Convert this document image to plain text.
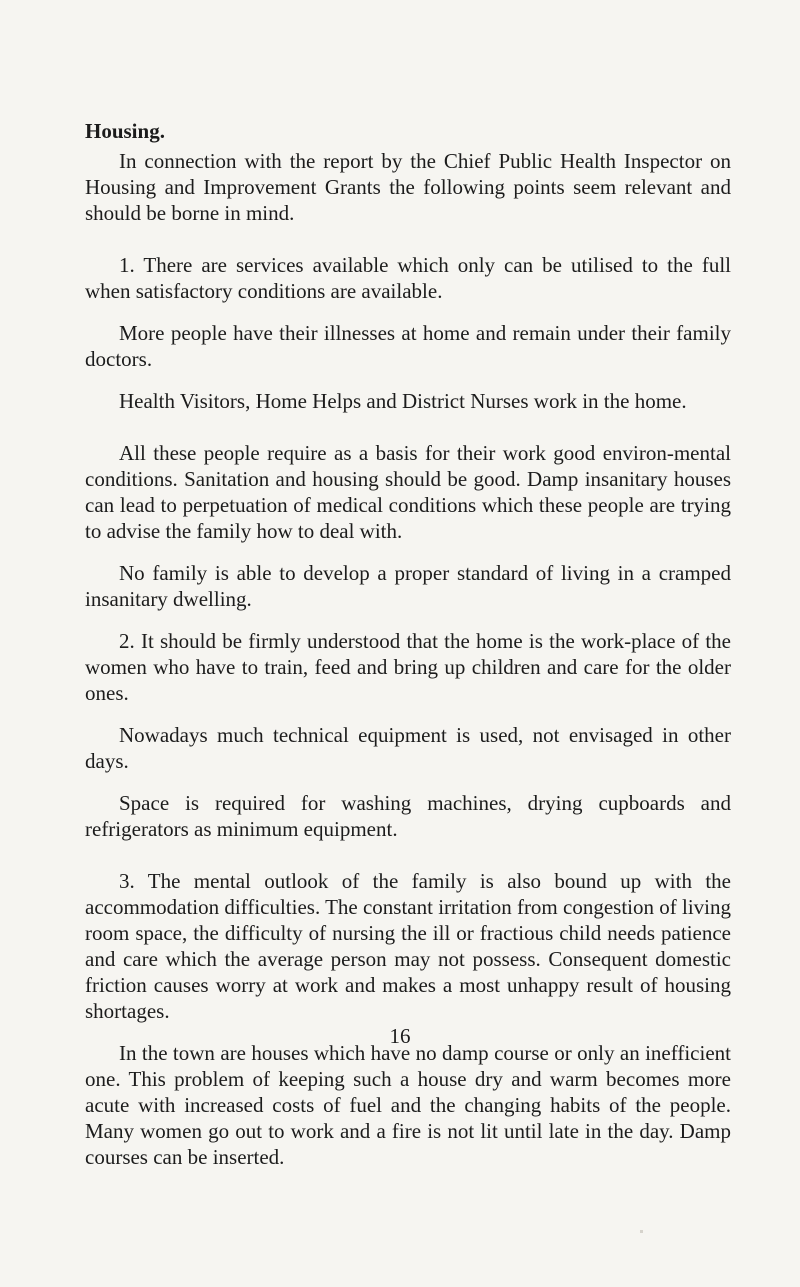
Housing.

In connection with the report by the Chief Public Health Inspector on Housing and Improvement Grants the following points seem relevant and should be borne in mind.

1. There are services available which only can be utilised to the full when satisfactory conditions are available.

More people have their illnesses at home and remain under their family doctors.

Health Visitors, Home Helps and District Nurses work in the home.

All these people require as a basis for their work good environ-mental conditions. Sanitation and housing should be good. Damp insanitary houses can lead to perpetuation of medical conditions which these people are trying to advise the family how to deal with.

No family is able to develop a proper standard of living in a cramped insanitary dwelling.

2. It should be firmly understood that the home is the work-place of the women who have to train, feed and bring up children and care for the older ones.

Nowadays much technical equipment is used, not envisaged in other days.

Space is required for washing machines, drying cupboards and refrigerators as minimum equipment.

3. The mental outlook of the family is also bound up with the accommodation difficulties. The constant irritation from congestion of living room space, the difficulty of nursing the ill or fractious child needs patience and care which the average person may not possess. Consequent domestic friction causes worry at work and makes a most unhappy result of housing shortages.

In the town are houses which have no damp course or only an inefficient one. This problem of keeping such a house dry and warm becomes more acute with increased costs of fuel and the changing habits of the people. Many women go out to work and a fire is not lit until late in the day. Damp courses can be inserted.

16
